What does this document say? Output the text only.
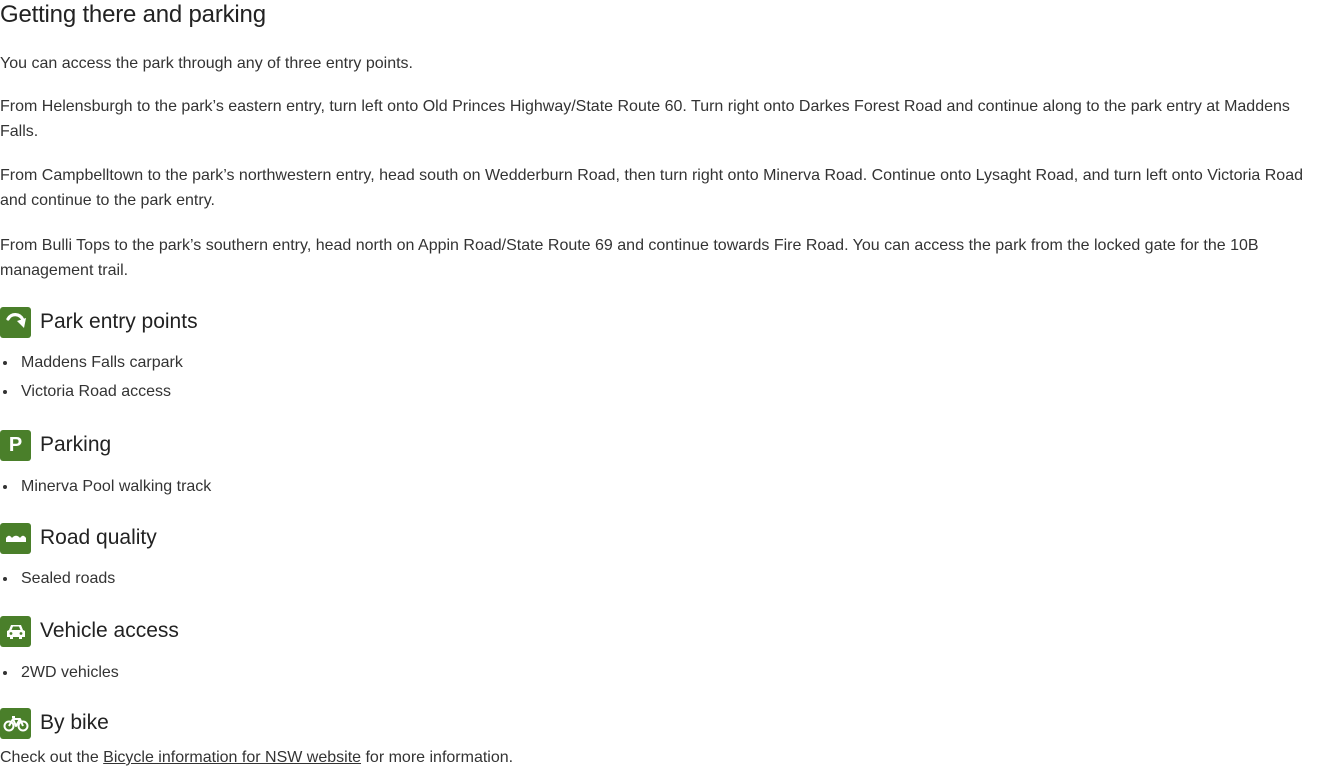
Getting there and parking

You can access the park through any of three entry points.

From Helensburgh to the park’s eastern entry, turn left onto Old Princes Highway/State Route 60. Turn right onto Darkes Forest Road and continue along to the park entry at Maddens Falls.

From Campbelltown to the park’s northwestern entry, head south on Wedderburn Road, then turn right onto Minerva Road. Continue onto Lysaght Road, and turn left onto Victoria Road and continue to the park entry.

From Bulli Tops to the park’s southern entry, head north on Appin Road/State Route 69 and continue towards Fire Road. You can access the park from the locked gate for the 10B management trail.

Park entry points
Maddens Falls carpark
Victoria Road access
P Parking
Minerva Pool walking track
Road quality
Sealed roads
Vehicle access
2WD vehicles
By bike

Check out the Bicycle information for NSW website for more information.
